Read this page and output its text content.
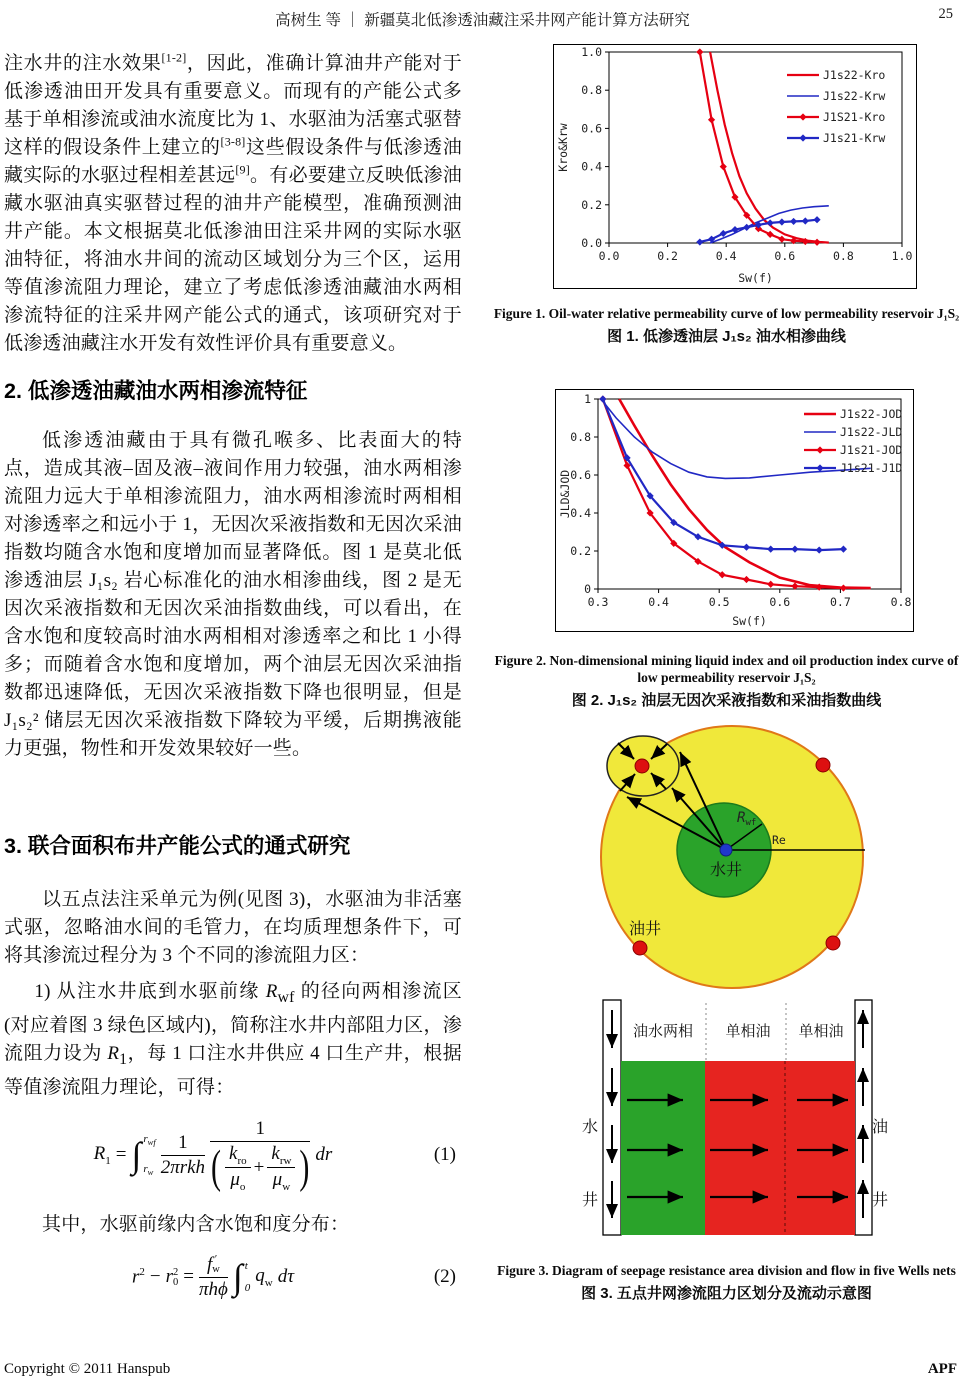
高树生 等 ｜ 新疆莫北低渗透油藏注采井网产能计算方法研究	25

注水井的注水效果[1-2]，因此，准确计算油井产能对于低渗透油田开发具有重要意义。而现有的产能公式多基于单相渗流或油水流度比为 1、水驱油为活塞式驱替这样的假设条件上建立的[3-8]这些假设条件与低渗透油藏实际的水驱过程相差甚远[9]。有必要建立反映低渗油藏水驱油真实驱替过程的油井产能模型，准确预测油井产能。本文根据莫北低渗油田注采井网的实际水驱油特征，将油水井间的流动区域划分为三个区，运用等值渗流阻力理论，建立了考虑低渗透油藏油水两相渗流特征的注采井网产能公式的通式，该项研究对于低渗透油藏注水开发有效性评价具有重要意义。

2. 低渗透油藏油水两相渗流特征

低渗透油藏由于具有微孔喉多、比表面大的特点，造成其液–固及液–液间作用力较强，油水两相渗流阻力远大于单相渗流阻力，油水两相渗流时两相相对渗透率之和远小于 1，无因次采液指数和无因次采油指数均随含水饱和度增加而显著降低。图 1 是莫北低渗透油层 J₁s₂ 岩心标准化的油水相渗曲线，图 2 是无因次采液指数和无因次采油指数曲线，可以看出，在含水饱和度较高时油水两相相对渗透率之和比 1 小得多；而随着含水饱和度增加，两个油层无因次采油指数都迅速降低，无因次采液指数下降也很明显，但是 J₁s₂² 储层无因次采液指数下降较为平缓，后期携液能力更强，物性和开发效果较好一些。

3. 联合面积布井产能公式的通式研究

以五点法注采单元为例(见图 3)，水驱油为非活塞式驱，忽略油水间的毛管力，在均质理想条件下，可将其渗流过程分为 3 个不同的渗流阻力区：

1) 从注水井底到水驱前缘 $R_{wf}$ 的径向两相渗流区(对应着图 3 绿色区域内)，简称注水井内部阻力区，渗流阻力设为 $R_1$，每 1 口注水井供应 4 口生产井，根据等值渗流阻力理论，可得：

$R_1$ = ∫ $r_{wf}$
$r_w \frac{1}{\text{2πrkh}}$
1
( $\frac{k_{ro}}{\mu_o} + \frac{k_{rw}}{\mu_w}$ ) dr	(1)

其中，水驱前缘内含水饱和度分布：

$r^2 - r$ 2
0 = f ′
w
πhϕ ∫ t
0
$q_w$ dτ	(2)
0.0	0.2	0.4	0.6	0.8	1.0
0.0
0.2
0.4
0.6
0.8
1.0
Sw(f)
Kro&Krw
J1s22-Kro
J1s22-Krw
J1S21-Kro
J1s21-Krw
Figure 1. Oil-water relative permeability curve of low permeability reservoir J₁S₂
图 1. 低渗透油层 J₁s₂ 油水相渗曲线
0.3	0.4	0.5	0.6	0.7	0.8
0
0.2
0.4
0.6
0.8
1
Sw(f)
JLD&JOD
J1s22-JOD
J1s22-JLD
J1s21-JOD
J1s21-J1D
Figure 2. Non-dimensional mining liquid index and oil production index curve of low permeability reservoir J₁S₂
图 2. J₁s₂ 油层无因次采液指数和采油指数曲线
$R_{wf}$
Re
水井
油井
油水两相 单相油 单相油
水
井
油
井
Figure 3. Diagram of seepage resistance area division and flow in five Wells nets
图 3. 五点井网渗流阻力区划分及流动示意图
Copyright © 2011 Hanspub	APF
